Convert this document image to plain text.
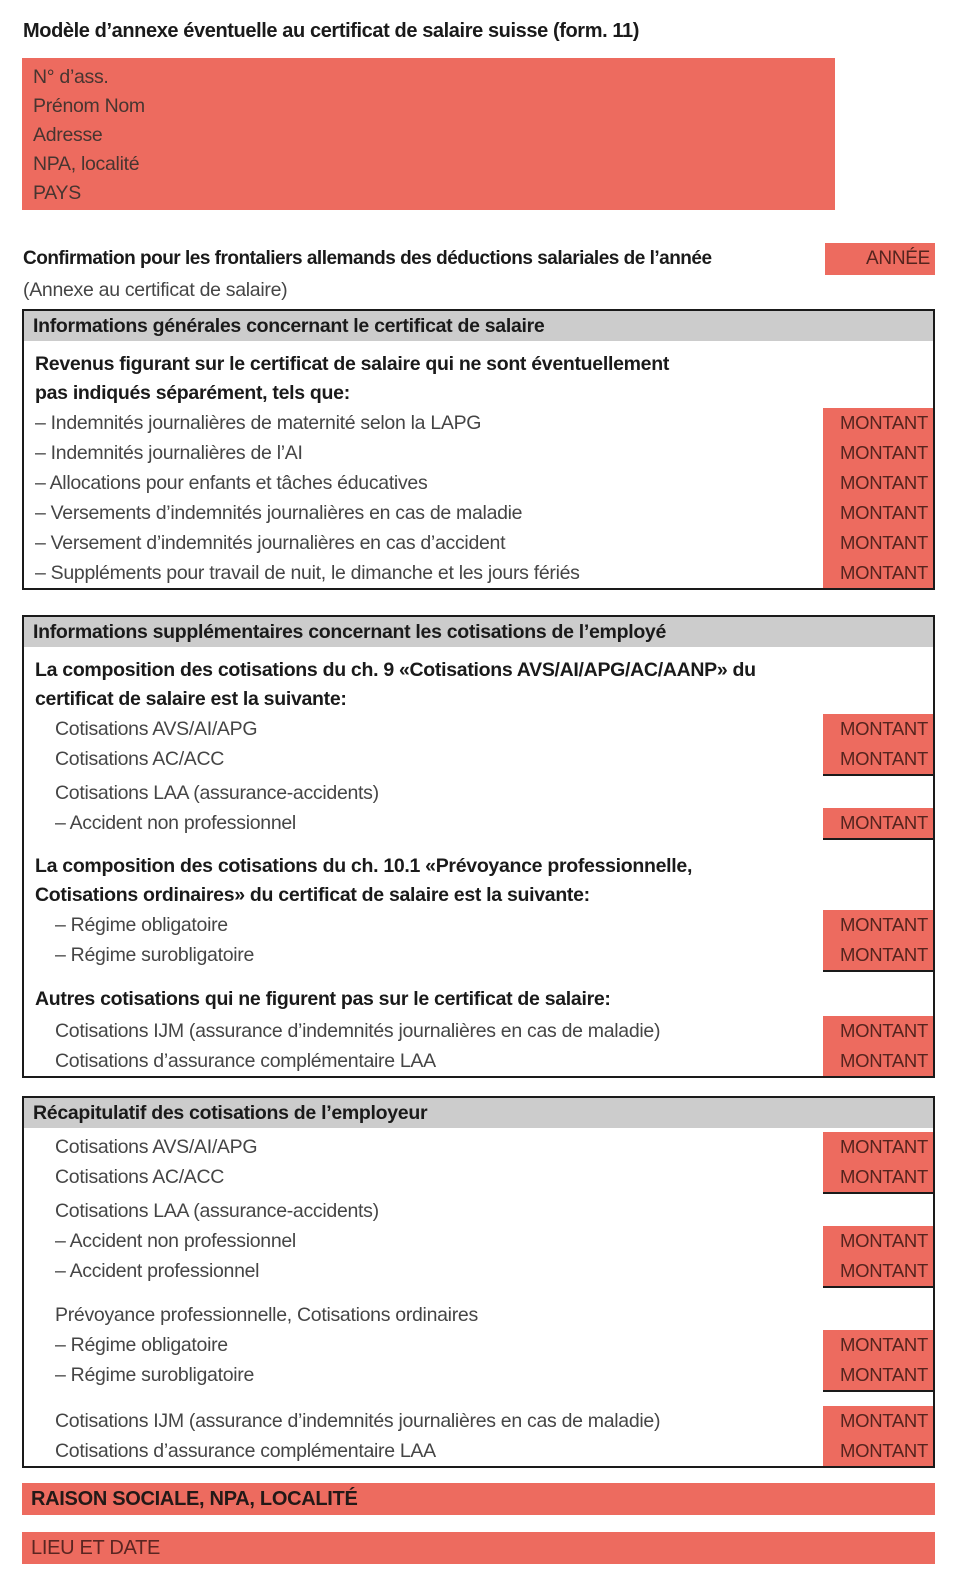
Modèle d’annexe éventuelle au certificat de salaire suisse (form. 11)
N° d’ass.
Prénom Nom
Adresse
NPA, localité
PAYS
Confirmation pour les frontaliers allemands des déductions salariales de l’année	ANNÉE
(Annexe au certificat de salaire)
Informations générales concernant le certificat de salaire
Revenus figurant sur le certificat de salaire qui ne sont éventuellement
pas indiqués séparément, tels que:
– Indemnités journalières de maternité selon la LAPG	MONTANT
– Indemnités journalières de l’AI	MONTANT
– Allocations pour enfants et tâches éducatives	MONTANT
– Versements d’indemnités journalières en cas de maladie	MONTANT
– Versement d’indemnités journalières en cas d’accident	MONTANT
– Suppléments pour travail de nuit, le dimanche et les jours fériés	MONTANT
Informations supplémentaires concernant les cotisations de l’employé
La composition des cotisations du ch. 9 «Cotisations AVS/AI/APG/AC/AANP» du
certificat de salaire est la suivante:
Cotisations AVS/AI/APG	MONTANT
Cotisations AC/ACC	MONTANT
Cotisations LAA (assurance-accidents)
– Accident non professionnel	MONTANT
La composition des cotisations du ch. 10.1 «Prévoyance professionnelle,
Cotisations ordinaires» du certificat de salaire est la suivante:
– Régime obligatoire	MONTANT
– Régime surobligatoire	MONTANT
Autres cotisations qui ne figurent pas sur le certificat de salaire:
Cotisations IJM (assurance d’indemnités journalières en cas de maladie)	MONTANT
Cotisations d’assurance complémentaire LAA	MONTANT
Récapitulatif des cotisations de l’employeur
Cotisations AVS/AI/APG	MONTANT
Cotisations AC/ACC	MONTANT
Cotisations LAA (assurance-accidents)
– Accident non professionnel	MONTANT
– Accident professionnel	MONTANT
Prévoyance professionnelle, Cotisations ordinaires
– Régime obligatoire	MONTANT
– Régime surobligatoire	MONTANT
Cotisations IJM (assurance d’indemnités journalières en cas de maladie)	MONTANT
Cotisations d’assurance complémentaire LAA	MONTANT
RAISON SOCIALE, NPA, LOCALITÉ
LIEU ET DATE
